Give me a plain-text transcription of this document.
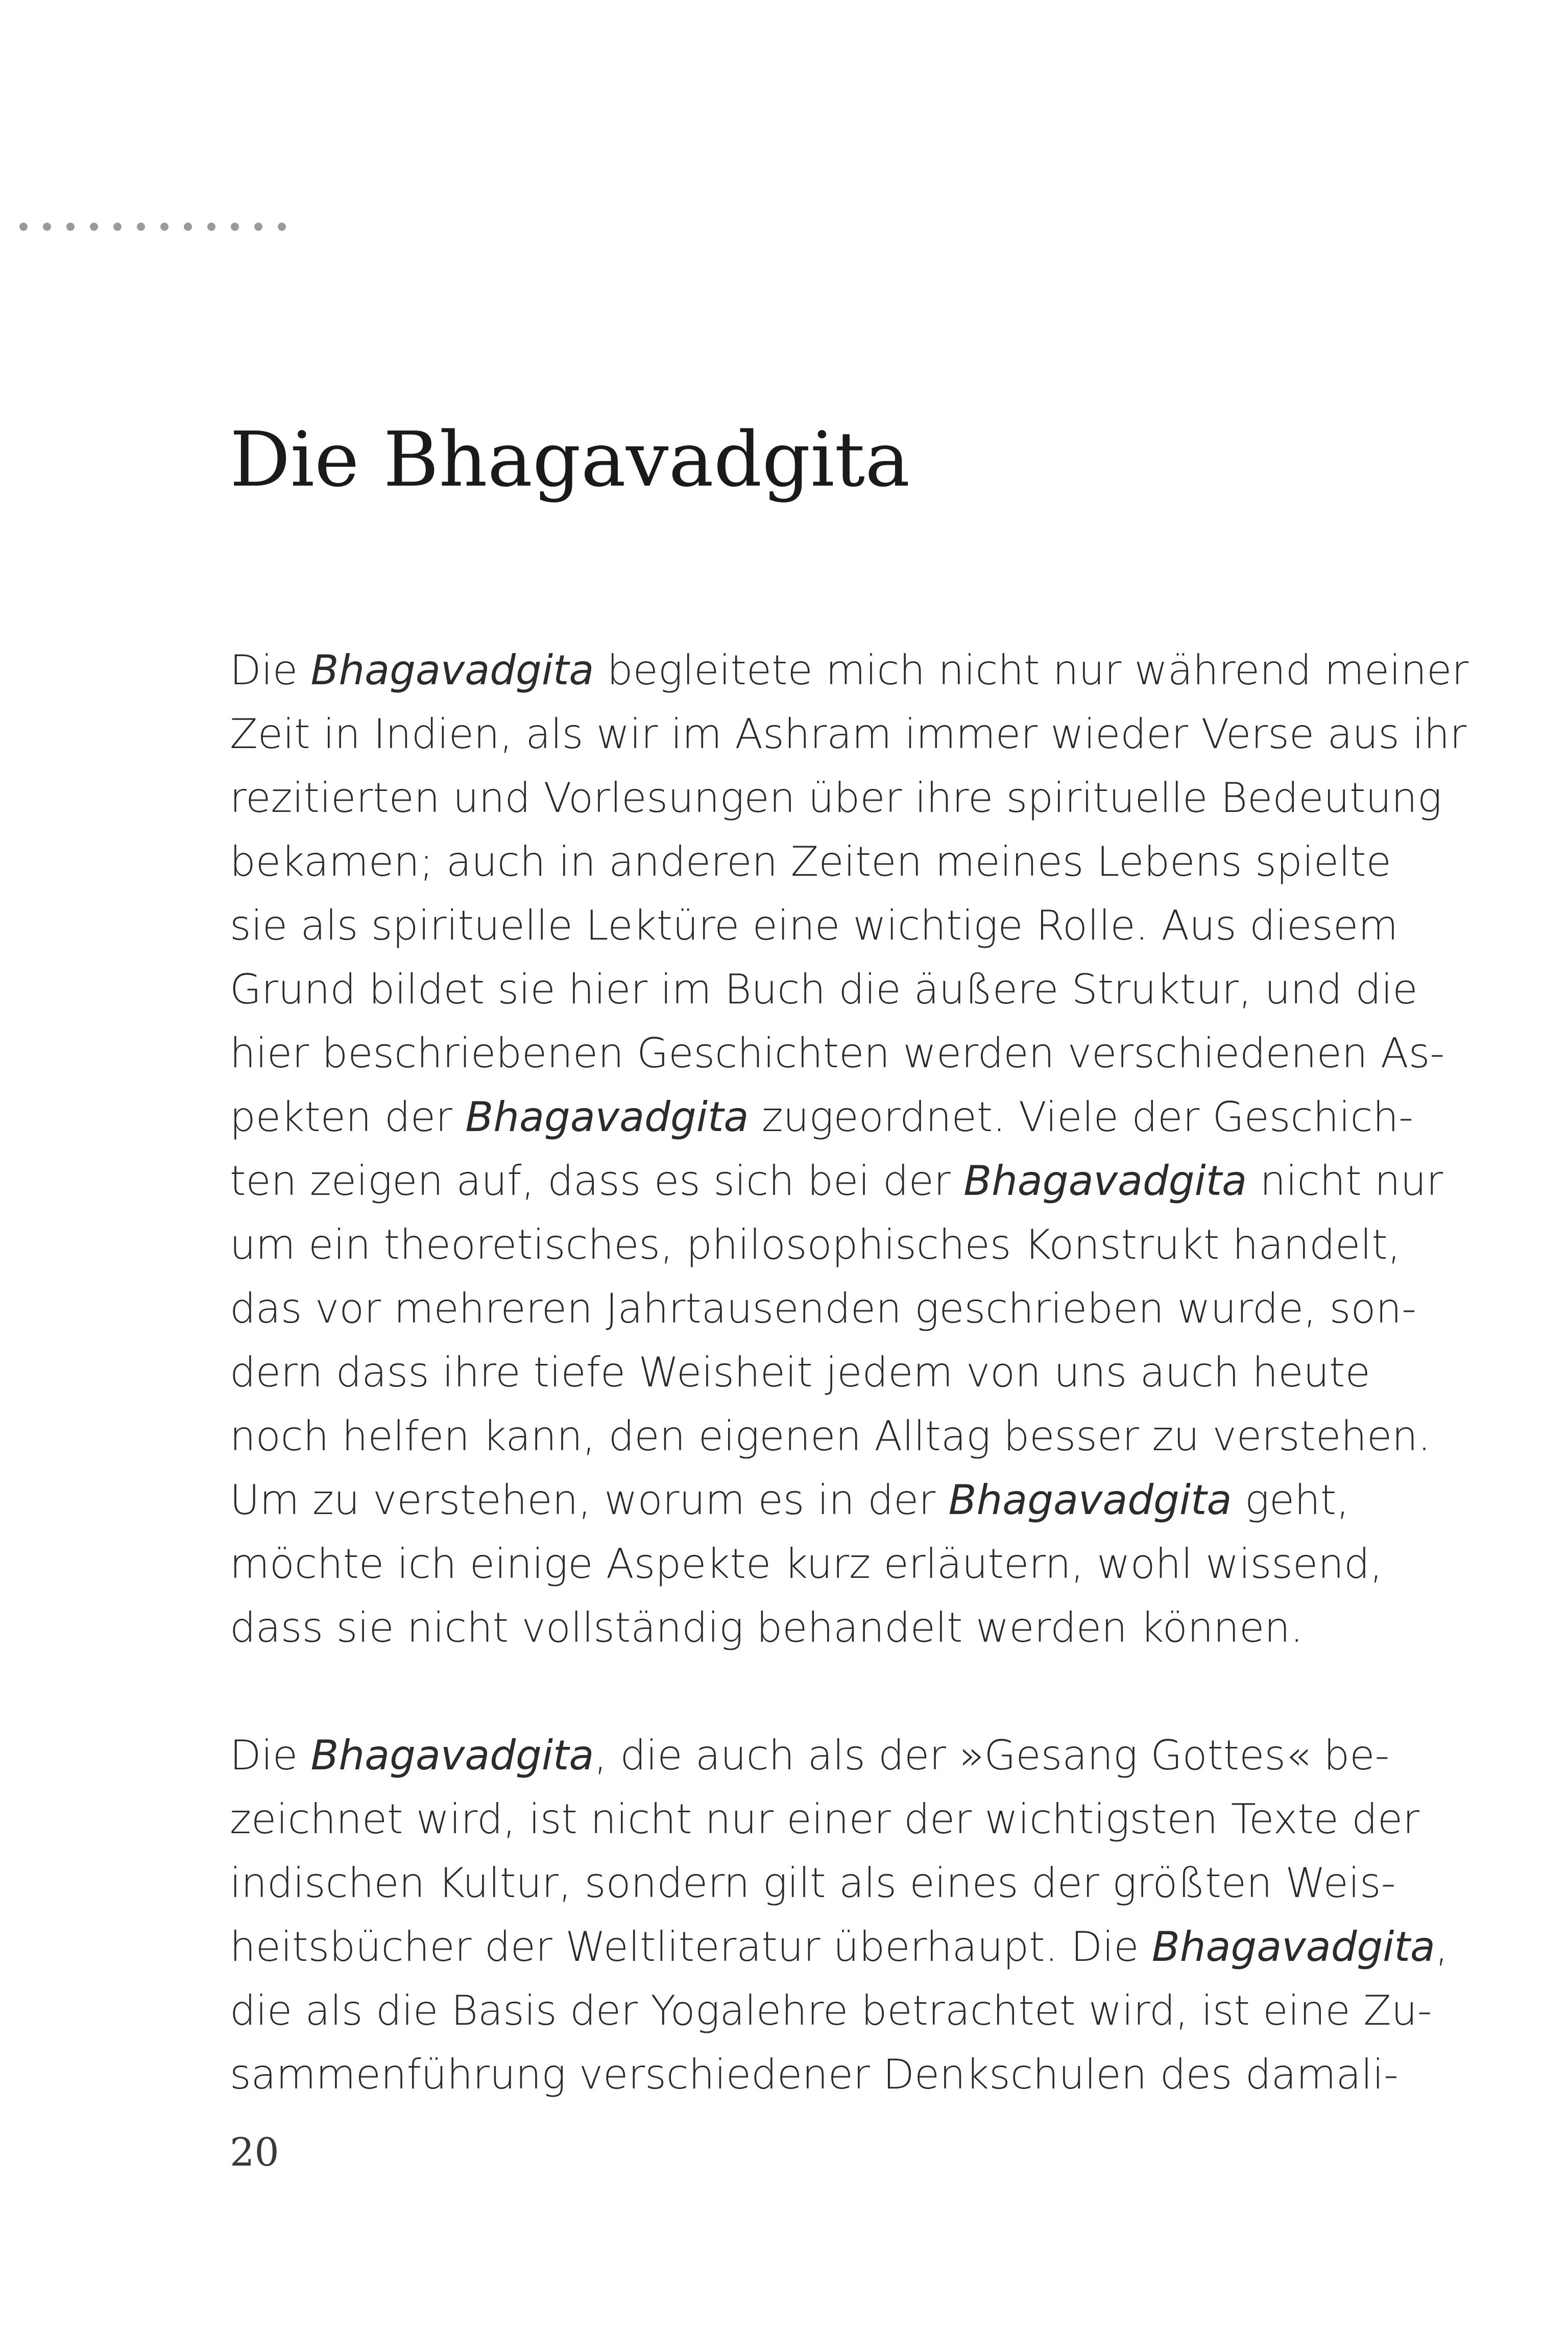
Die Bhagavadgita

Die Bhagavadgita begleitete mich nicht nur während meiner
Zeit in Indien, als wir im Ashram immer wieder Verse aus ihr
rezitierten und Vorlesungen über ihre spirituelle Bedeutung
bekamen; auch in anderen Zeiten meines Lebens spielte
sie als spirituelle Lektüre eine wichtige Rolle. Aus diesem
Grund bildet sie hier im Buch die äußere Struktur, und die
hier beschriebenen Geschichten werden verschiedenen As-
pekten der Bhagavadgita zugeordnet. Viele der Geschich-
ten zeigen auf, dass es sich bei der Bhagavadgita nicht nur
um ein theoretisches, philosophisches Konstrukt handelt,
das vor mehreren Jahrtausenden geschrieben wurde, son-
dern dass ihre tiefe Weisheit jedem von uns auch heute
noch helfen kann, den eigenen Alltag besser zu verstehen.
Um zu verstehen, worum es in der Bhagavadgita geht,
möchte ich einige Aspekte kurz erläutern, wohl wissend,
dass sie nicht vollständig behandelt werden können.

Die Bhagavadgita, die auch als der »Gesang Gottes« be-
zeichnet wird, ist nicht nur einer der wichtigsten Texte der
indischen Kultur, sondern gilt als eines der größten Weis-
heitsbücher der Weltliteratur überhaupt. Die Bhagavadgita,
die als die Basis der Yogalehre betrachtet wird, ist eine Zu-
sammenführung verschiedener Denkschulen des damali-

20
